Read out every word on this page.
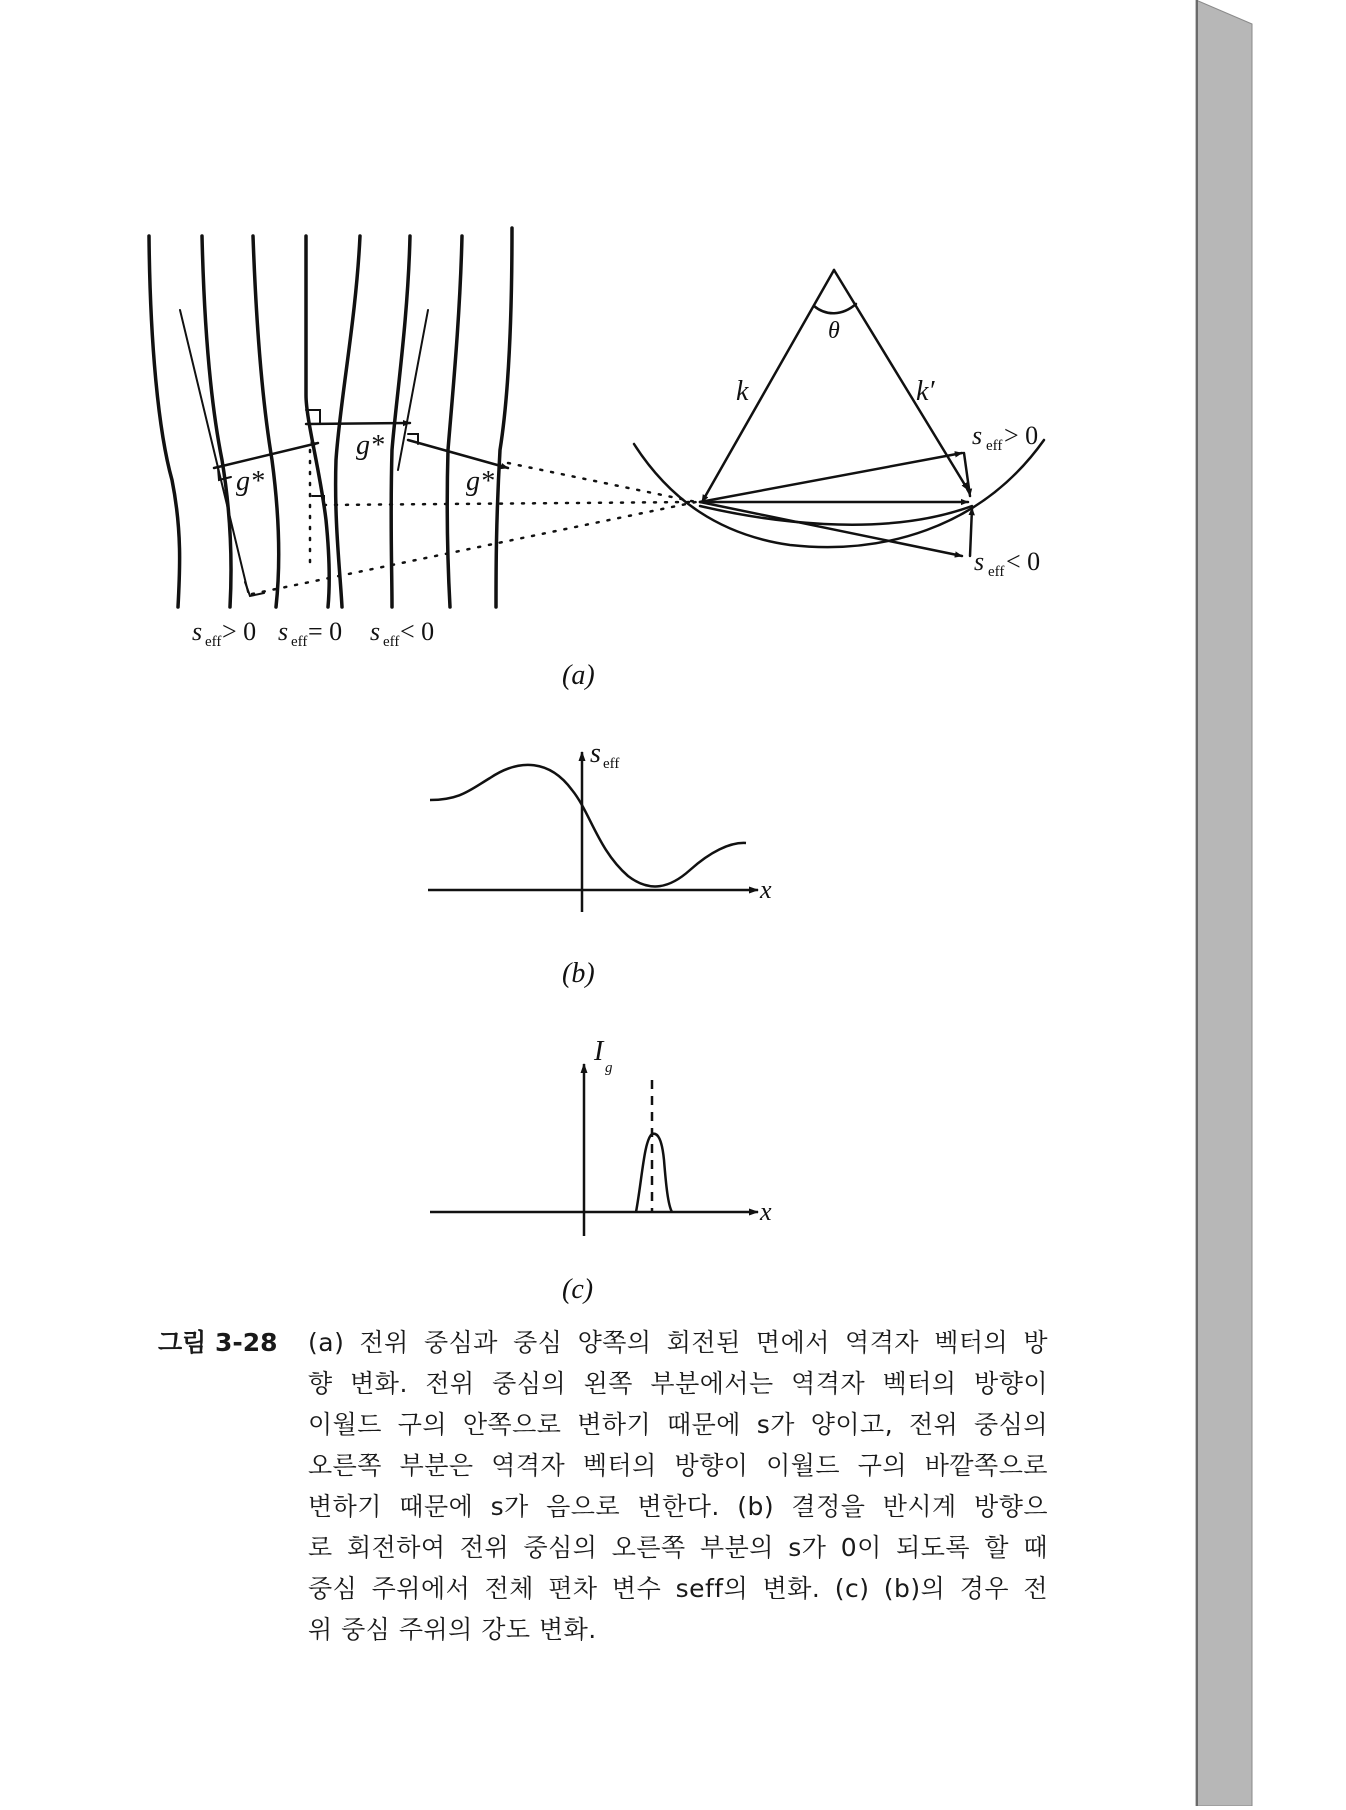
g*
g*
g*
θ
k	k′
s eff > 0
s eff < 0
s eff > 0 s eff = 0 s eff < 0
(a)
s eff
x
(b)
I
g
x
(c)
그림 3-28 (a) 전위 중심과 중심 양쪽의 회전된 면에서 역격자 벡터의 방
향 변화. 전위 중심의 왼쪽 부분에서는 역격자 벡터의 방향이
이월드 구의 안쪽으로 변하기 때문에 s가 양이고, 전위 중심의
오른쪽 부분은 역격자 벡터의 방향이 이월드 구의 바깥쪽으로
변하기 때문에 s가 음으로 변한다. (b) 결정을 반시계 방향으
로 회전하여 전위 중심의 오른쪽 부분의 s가 0이 되도록 할 때
중심 주위에서 전체 편차 변수 seff의 변화. (c) (b)의 경우 전
위 중심 주위의 강도 변화.
